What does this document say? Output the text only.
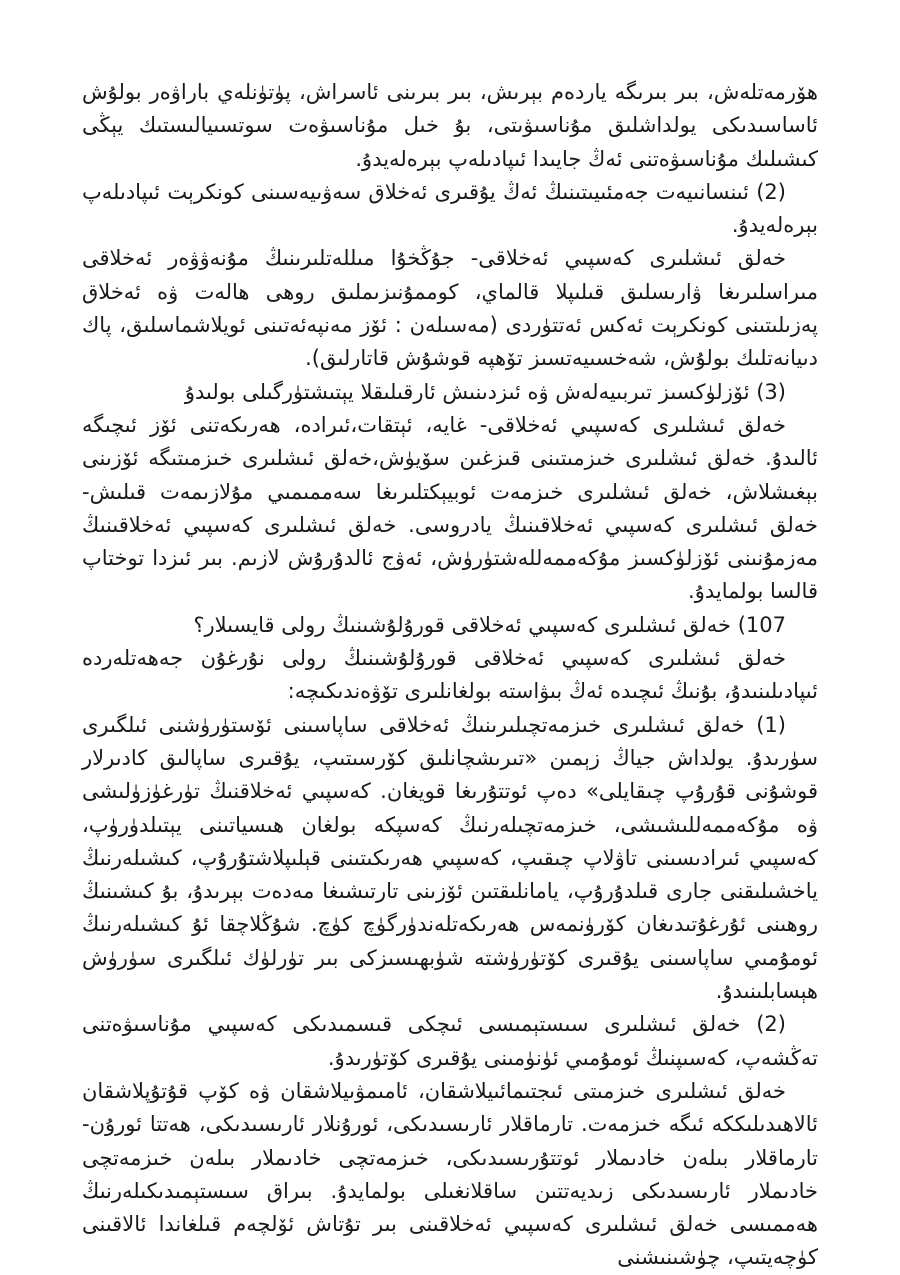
ھۆرمەتلەش، بىر بىرىگە ياردەم بېرىش، بىر بىرىنى ئاسراش، پۈتۈنلەي باراۋەر بولۇش ئاساسىدىكى يولداشلىق مۇناسىۋىتى، بۇ خىل مۇناسىۋەت سوتسىيالىستىك يېڭى كىشىلىك مۇناسىۋەتنى ئەڭ جايىدا ئىپادىلەپ بېرەلەيدۇ.

(2) ئىنسانىيەت جەمئىيىتىنىڭ ئەڭ يۇقىرى ئەخلاق سەۋىيەسىنى كونكرېت ئىپادىلەپ بېرەلەيدۇ.

خەلق ئىشلىرى كەسپىي ئەخلاقى- جۇڭخۇا مىللەتلىرىنىڭ مۇنەۋۋەر ئەخلاقى مىراسلىرىغا ۋارىسلىق قىلىپلا قالماي، كوممۇنىزىملىق روھى ھالەت ۋە ئەخلاق پەزىلىتىنى كونكرېت ئەكس ئەتتۈردى (مەسىلەن : ئۆز مەنپەئەتىنى ئويلاشماسلىق، پاك دىيانەتلىك بولۇش، شەخسىيەتسىز تۆھپە قوشۇش قاتارلىق).

(3) ئۆزلۈكسىز تىربىيەلەش ۋە ئىزدىنىش ئارقىلىقلا يېتىشتۈرگىلى بولىدۇ

خەلق ئىشلىرى كەسپىي ئەخلاقى- غايە، ئېتقات،ئىرادە، ھەرىكەتنى ئۆز ئىچىگە ئالىدۇ. خەلق ئىشلىرى خىزمىتىنى قىزغىن سۆيۈش،خەلق ئىشلىرى خىزمىتىگە ئۆزىنى بېغىشلاش، خەلق ئىشلىرى خىزمەت ئوبيېكتلىرىغا سەممىمىي مۇلازىمەت قىلىش- خەلق ئىشلىرى كەسپىي ئەخلاقىنىڭ يادروسى. خەلق ئىشلىرى كەسپىي ئەخلاقىنىڭ مەزمۇنىنى ئۆزلۈكسىز مۇكەممەللەشتۈرۈش، ئەۋج ئالدۇرۇش لازىم. بىر ئىزدا توختاپ قالسا بولمايدۇ.

107) خەلق ئىشلىرى كەسپىي ئەخلاقى قورۇلۇشىنىڭ رولى قايسىلار؟

خەلق ئىشلىرى كەسپىي ئەخلاقى قورۇلۇشىنىڭ رولى نۇرغۇن جەھەتلەردە ئىپادىلىنىدۇ، بۇنىڭ ئىچىدە ئەڭ بىۋاستە بولغانلىرى تۆۋەندىكىچە:

(1) خەلق ئىشلىرى خىزمەتچىلىرىنىڭ ئەخلاقى ساپاسىنى ئۆستۈرۈشنى ئىلگىرى سۈرىدۇ. يولداش جياڭ زېمىن «تىرىشچانلىق كۆرسىتىپ، يۇقىرى ساپالىق كادىرلار قوشۇنى قۇرۇپ چىقايلى» دەپ ئوتتۇرىغا قويغان. كەسپىي ئەخلاقنىڭ تۈرغۈزۈلىشى ۋە مۇكەممەللىشىشى، خىزمەتچىلەرنىڭ كەسپكە بولغان ھىسياتىنى يېتىلدۈرۈپ، كەسپىي ئىرادىسىنى تاۋلاپ چىقىپ، كەسپىي ھەرىكىتىنى قېلىپلاشتۇرۇپ، كىشىلەرنىڭ ياخشىلىقنى جارى قىلدۇرۇپ، يامانلىقتىن ئۆزىنى تارتىشىغا مەدەت بېرىدۇ، بۇ كىشىنىڭ روھىنى ئۇرغۇتىدىغان كۆرۈنمەس ھەرىكەتلەندۈرگۈچ كۈچ. شۇڭلاچقا ئۇ كىشىلەرنىڭ ئومۇمىي ساپاسىنى يۇقىرى كۆتۈرۈشتە شۈبھىسىزكى بىر تۈرلۈك ئىلگىرى سۈرۈش ھېسابلىنىدۇ.

(2) خەلق ئىشلىرى سىستېمىسى ئىچكى قىسمىدىكى كەسپىي مۇناسىۋەتنى تەڭشەپ، كەسىپنىڭ ئومۇمىي ئۈنۈمىنى يۇقىرى كۆتۈرىدۇ.

خەلق ئىشلىرى خىزمىتى ئىجتىمائىيلاشقان، ئامىمۋىيلاشقان ۋە كۆپ قۇتۇپلاشقان ئالاھىدىلىككە ئىگە خىزمەت. تارماقلار ئارىسىدىكى، ئورۇنلار ئارىسىدىكى، ھەتتا ئورۇن- تارماقلار بىلەن خادىملار ئوتتۇرىسىدىكى، خىزمەتچى خادىملار بىلەن خىزمەتچى خادىملار ئارىسىدىكى زىديەتتىن ساقلانغىلى بولمايدۇ. بىراق سىستېمىدىكىلەرنىڭ ھەممىسى خەلق ئىشلىرى كەسپىي ئەخلاقىنى بىر تۇتاش ئۆلچەم قىلغاندا ئالاقىنى كۈچەيتىپ، چۈشىنىشنى
